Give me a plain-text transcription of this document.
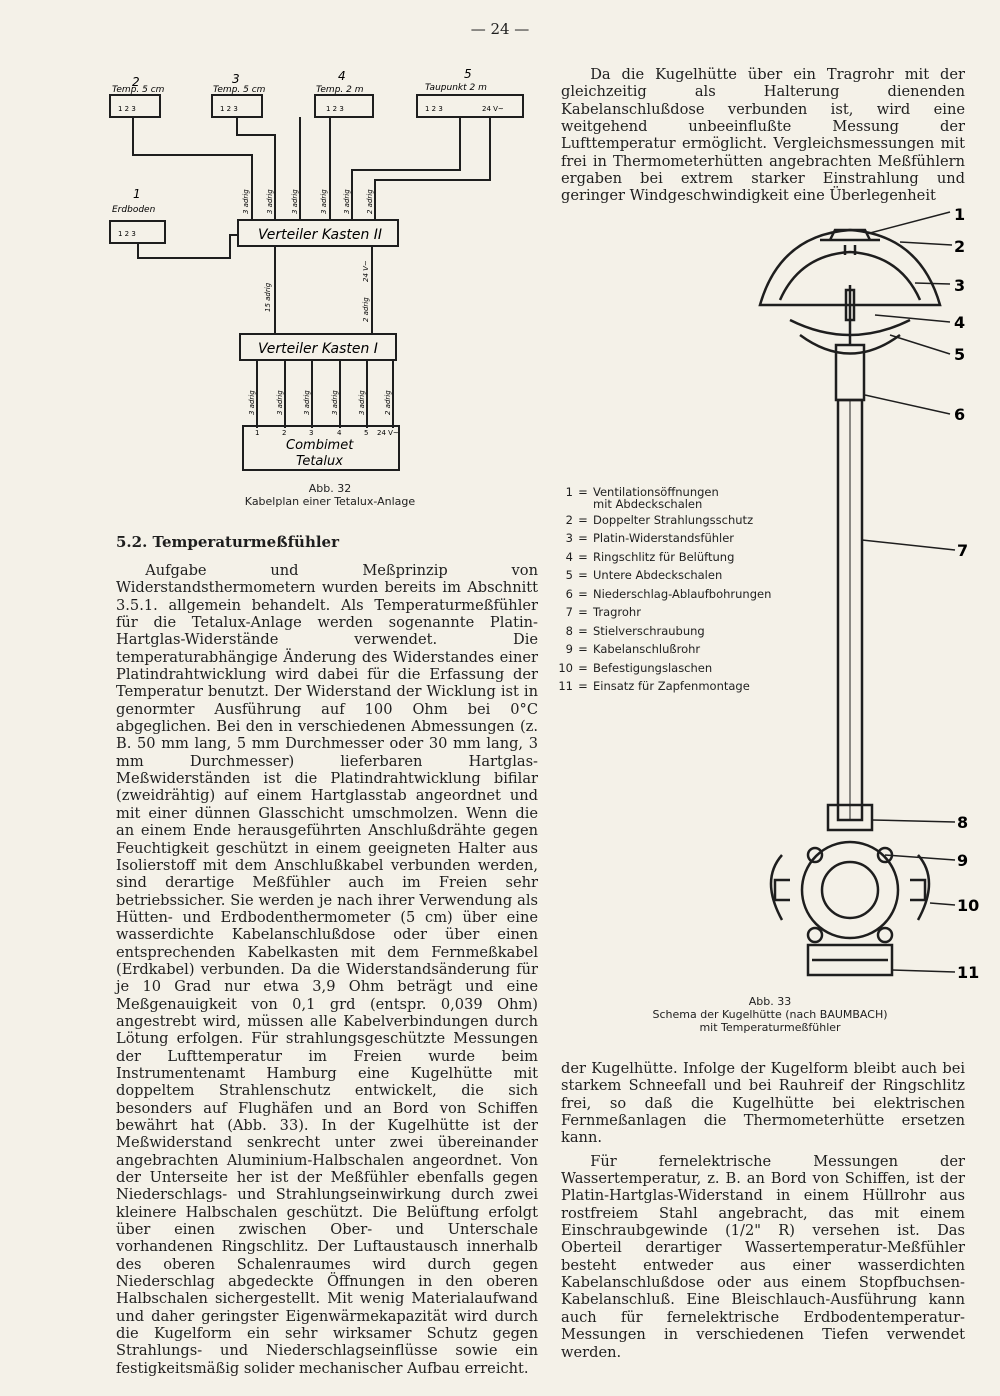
— 24 —
2
Temp. 5 cm
1 2 3
3
Temp. 5 cm
1 2 3
4
Temp. 2 m
1 2 3
5
Taupunkt 2 m
1 2 3	24 V~
1
Erdboden
1 2 3
3 adrig 3 adrig 3 adrig	3 adrig 3 adrig 2 adrig
Verteiler Kasten II
15 adrig	2 adrig
24 V~
Verteiler Kasten I
3 adrig	3 adrig	3 adrig	3 adrig	3 adrig	2 adrig
1	2	3	4	5 24 V~
Combimet
Tetalux
Abb. 32
Kabelplan einer Tetalux-Anlage
5.2. Temperaturmeßfühler

Aufgabe und Meßprinzip von Widerstandsthermometern wurden bereits im Abschnitt 3.5.1. allgemein behandelt. Als Temperaturmeßfühler für die Tetalux-Anlage werden sogenannte Platin-Hartglas-Widerstände verwendet. Die temperaturabhängige Änderung des Widerstandes einer Platindrahtwicklung wird dabei für die Erfassung der Temperatur benutzt. Der Widerstand der Wicklung ist in genormter Ausführung auf 100 Ohm bei 0°C abgeglichen. Bei den in verschiedenen Abmessungen (z. B. 50 mm lang, 5 mm Durchmesser oder 30 mm lang, 3 mm Durchmesser) lieferbaren Hartglas-Meßwiderständen ist die Platindrahtwicklung bifilar (zweidrähtig) auf einem Hartglasstab angeordnet und mit einer dünnen Glasschicht umschmolzen. Wenn die an einem Ende herausgeführten Anschlußdrähte gegen Feuchtigkeit geschützt in einem geeigneten Halter aus Isolierstoff mit dem Anschlußkabel verbunden werden, sind derartige Meßfühler auch im Freien sehr betriebssicher. Sie werden je nach ihrer Verwendung als Hütten- und Erdbodenthermometer (5 cm) über eine wasserdichte Kabelanschlußdose oder über einen entsprechenden Kabelkasten mit dem Fernmeßkabel (Erdkabel) verbunden. Da die Widerstandsänderung für je 10 Grad nur etwa 3,9 Ohm beträgt und eine Meßgenauigkeit von 0,1 grd (entspr. 0,039 Ohm) angestrebt wird, müssen alle Kabelverbindungen durch Lötung erfolgen. Für strahlungsgeschützte Messungen der Lufttemperatur im Freien wurde beim Instrumentenamt Hamburg eine Kugelhütte mit doppeltem Strahlenschutz entwickelt, die sich besonders auf Flughäfen und an Bord von Schiffen bewährt hat (Abb. 33). In der Kugelhütte ist der Meßwiderstand senkrecht unter zwei übereinander angebrachten Aluminium-Halbschalen angeordnet. Von der Unterseite her ist der Meßfühler ebenfalls gegen Niederschlags- und Strahlungseinwirkung durch zwei kleinere Halbschalen geschützt. Die Belüftung erfolgt über einen zwischen Ober- und Unterschale vorhandenen Ringschlitz. Der Luftaustausch innerhalb des oberen Schalenraumes wird durch gegen Niederschlag abgedeckte Öffnungen in den oberen Halbschalen sichergestellt. Mit wenig Materialaufwand und daher geringster Eigenwärmekapazität wird durch die Kugelform ein sehr wirksamer Schutz gegen Strahlungs- und Niederschlagseinflüsse sowie ein festigkeitsmäßig solider mechanischer Aufbau erreicht.

Da die Kugelhütte über ein Tragrohr mit der gleichzeitig als Halterung dienenden Kabelanschlußdose verbunden ist, wird eine weitgehend unbeeinflußte Messung der Lufttemperatur ermöglicht. Vergleichsmessungen mit frei in Thermometerhütten angebrachten Meßfühlern ergaben bei extrem starker Einstrahlung und geringer Windgeschwindigkeit eine Überlegenheit

1
2
3
4
5
6
7
8
9
10
11
1 = Ventilationsöffnungen
mit Abdeckschalen
2 = Doppelter Strahlungsschutz
3 = Platin-Widerstandsfühler
4 = Ringschlitz für Belüftung
5 = Untere Abdeckschalen
6 = Niederschlag-Ablaufbohrungen
7 = Tragrohr
8 = Stielverschraubung
9 = Kabelanschlußrohr
10 = Befestigungslaschen
11 = Einsatz für Zapfenmontage
Abb. 33
Schema der Kugelhütte (nach BAUMBACH)
mit Temperaturmeßfühler

der Kugelhütte. Infolge der Kugelform bleibt auch bei starkem Schneefall und bei Rauhreif der Ringschlitz frei, so daß die Kugelhütte bei elektrischen Fernmeßanlagen die Thermometerhütte ersetzen kann.

Für fernelektrische Messungen der Wassertemperatur, z. B. an Bord von Schiffen, ist der Platin-Hartglas-Widerstand in einem Hüllrohr aus rostfreiem Stahl angebracht, das mit einem Einschraubgewinde (1/2" R) versehen ist. Das Oberteil derartiger Wassertemperatur-Meßfühler besteht entweder aus einer wasserdichten Kabelanschlußdose oder aus einem Stopfbuchsen-Kabelanschluß. Eine Bleischlauch-Ausführung kann auch für fernelektrische Erdbodentemperatur-Messungen in verschiedenen Tiefen verwendet werden.
